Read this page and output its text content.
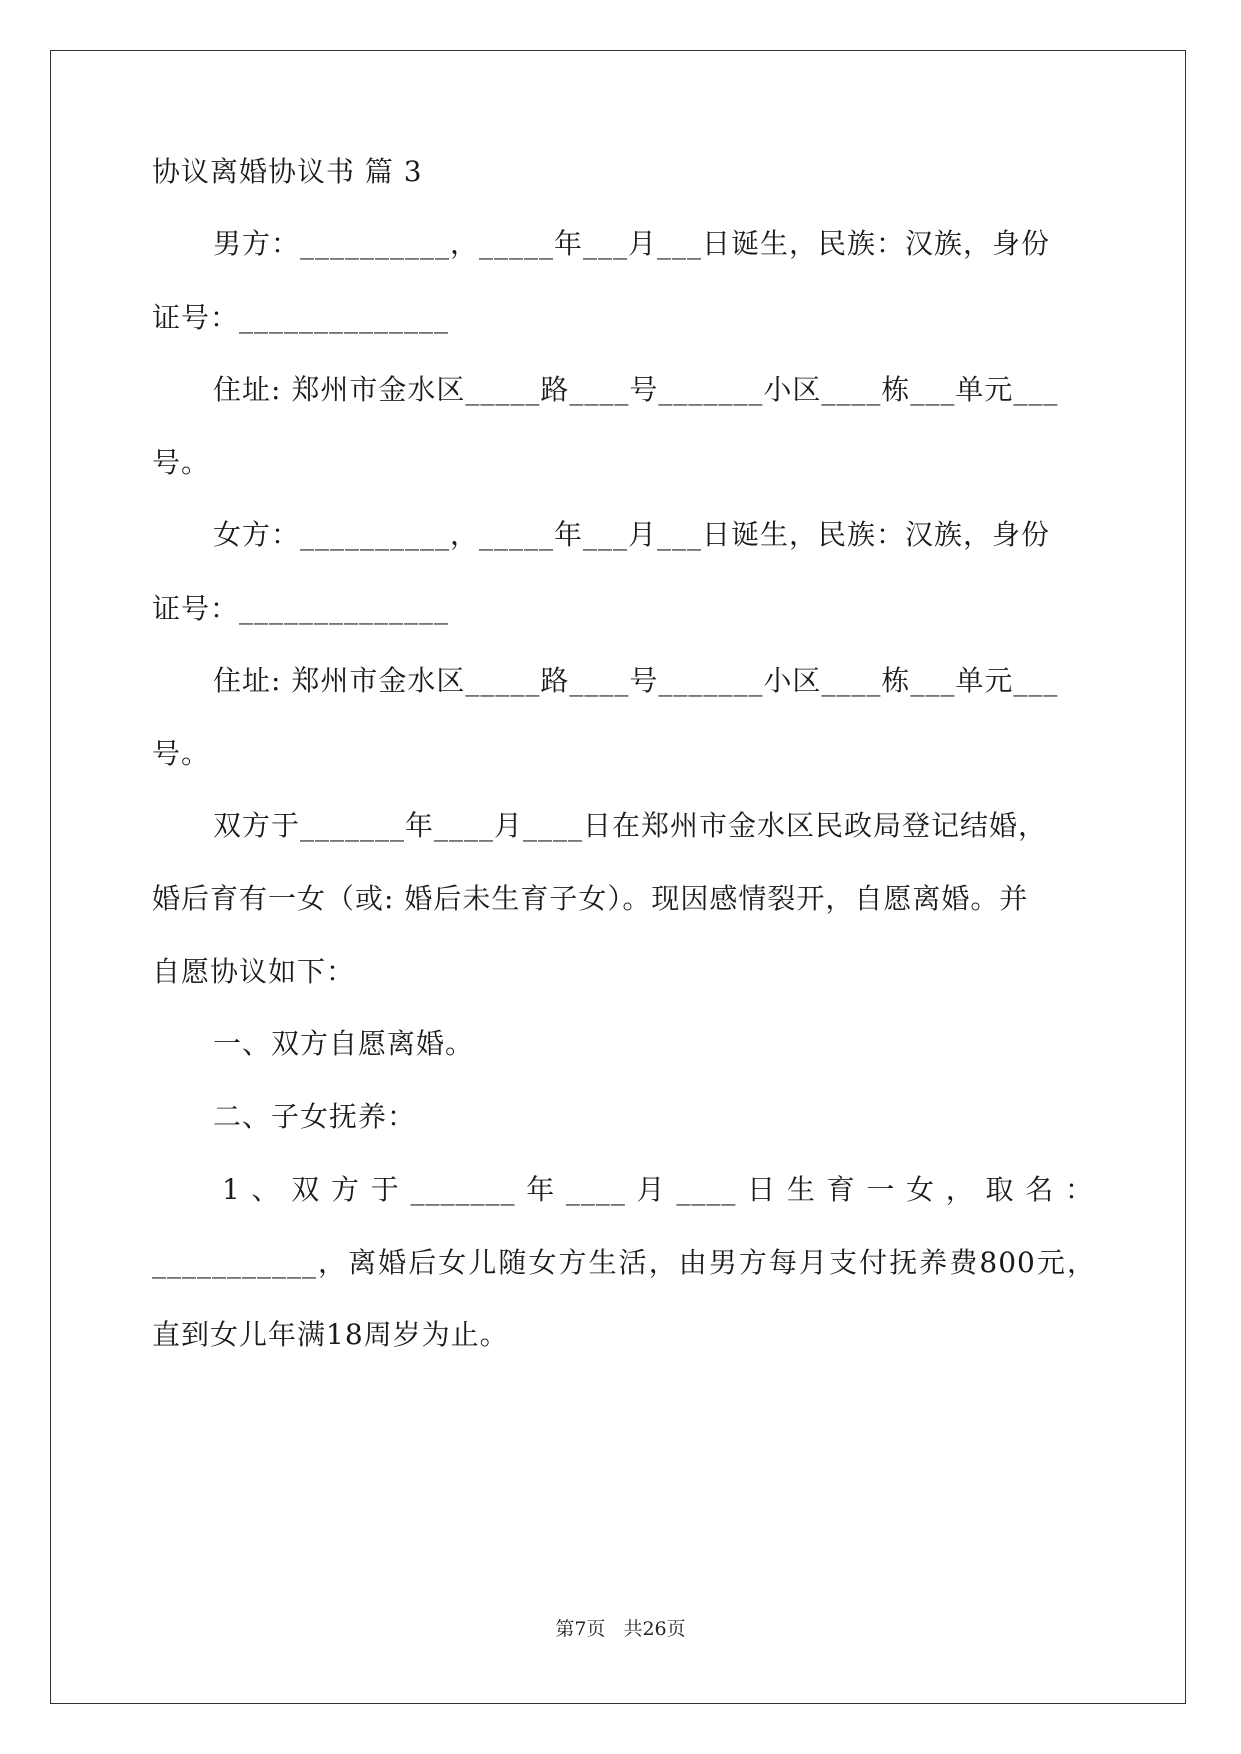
协议离婚协议书 篇 3
男方：__________，_____年___月___日诞生，民族：汉族，身份
证号：______________
住址: 郑州市金水区_____路____号_______小区____栋___单元___
号。
女方：__________，_____年___月___日诞生，民族：汉族，身份
证号：______________
住址: 郑州市金水区_____路____号_______小区____栋___单元___
号。
双方于_______年____月____日在郑州市金水区民政局登记结婚，
婚后育有一女（或: 婚后未生育子女）。现因感情裂开，自愿离婚。并
自愿协议如下：
一、双方自愿离婚。
二、子女抚养：
1、双方于_______年____月____日生育一女，取名：
___________，离婚后女儿随女方生活，由男方每月支付抚养费800元，
直到女儿年满18周岁为止。
第7页 共26页
